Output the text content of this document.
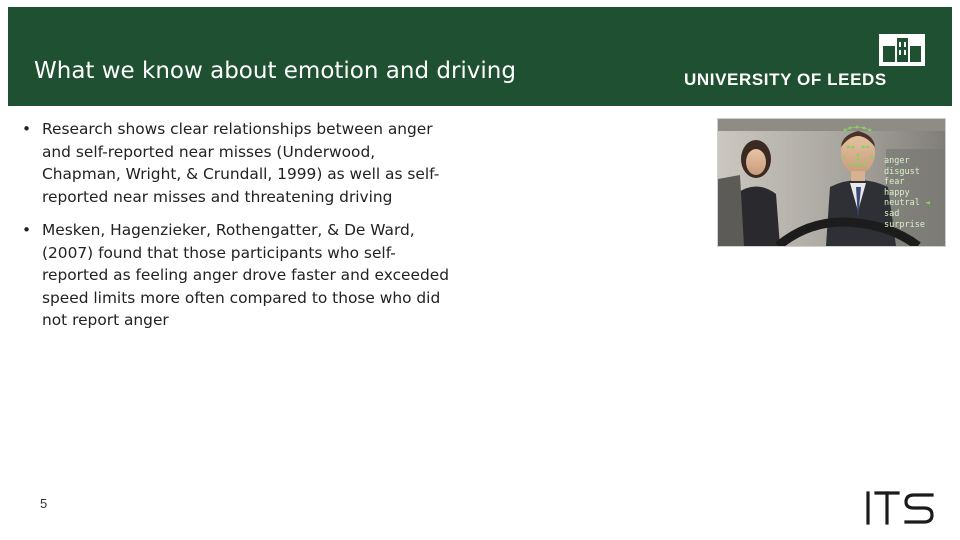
What we know about emotion and driving	UNIVERSITY OF LEEDS
• Research shows clear relationships between anger and self-reported near misses (Underwood, Chapman, Wright, & Crundall, 1999) as well as self-reported near misses and threatening driving
• Mesken, Hagenzieker, Rothengatter, & De Ward, (2007) found that those participants who self-reported as feeling anger drove faster and exceeded speed limits more often compared to those who did not report anger
anger
disgust
fear
happy
neutral ◄
sad
surprise
5
